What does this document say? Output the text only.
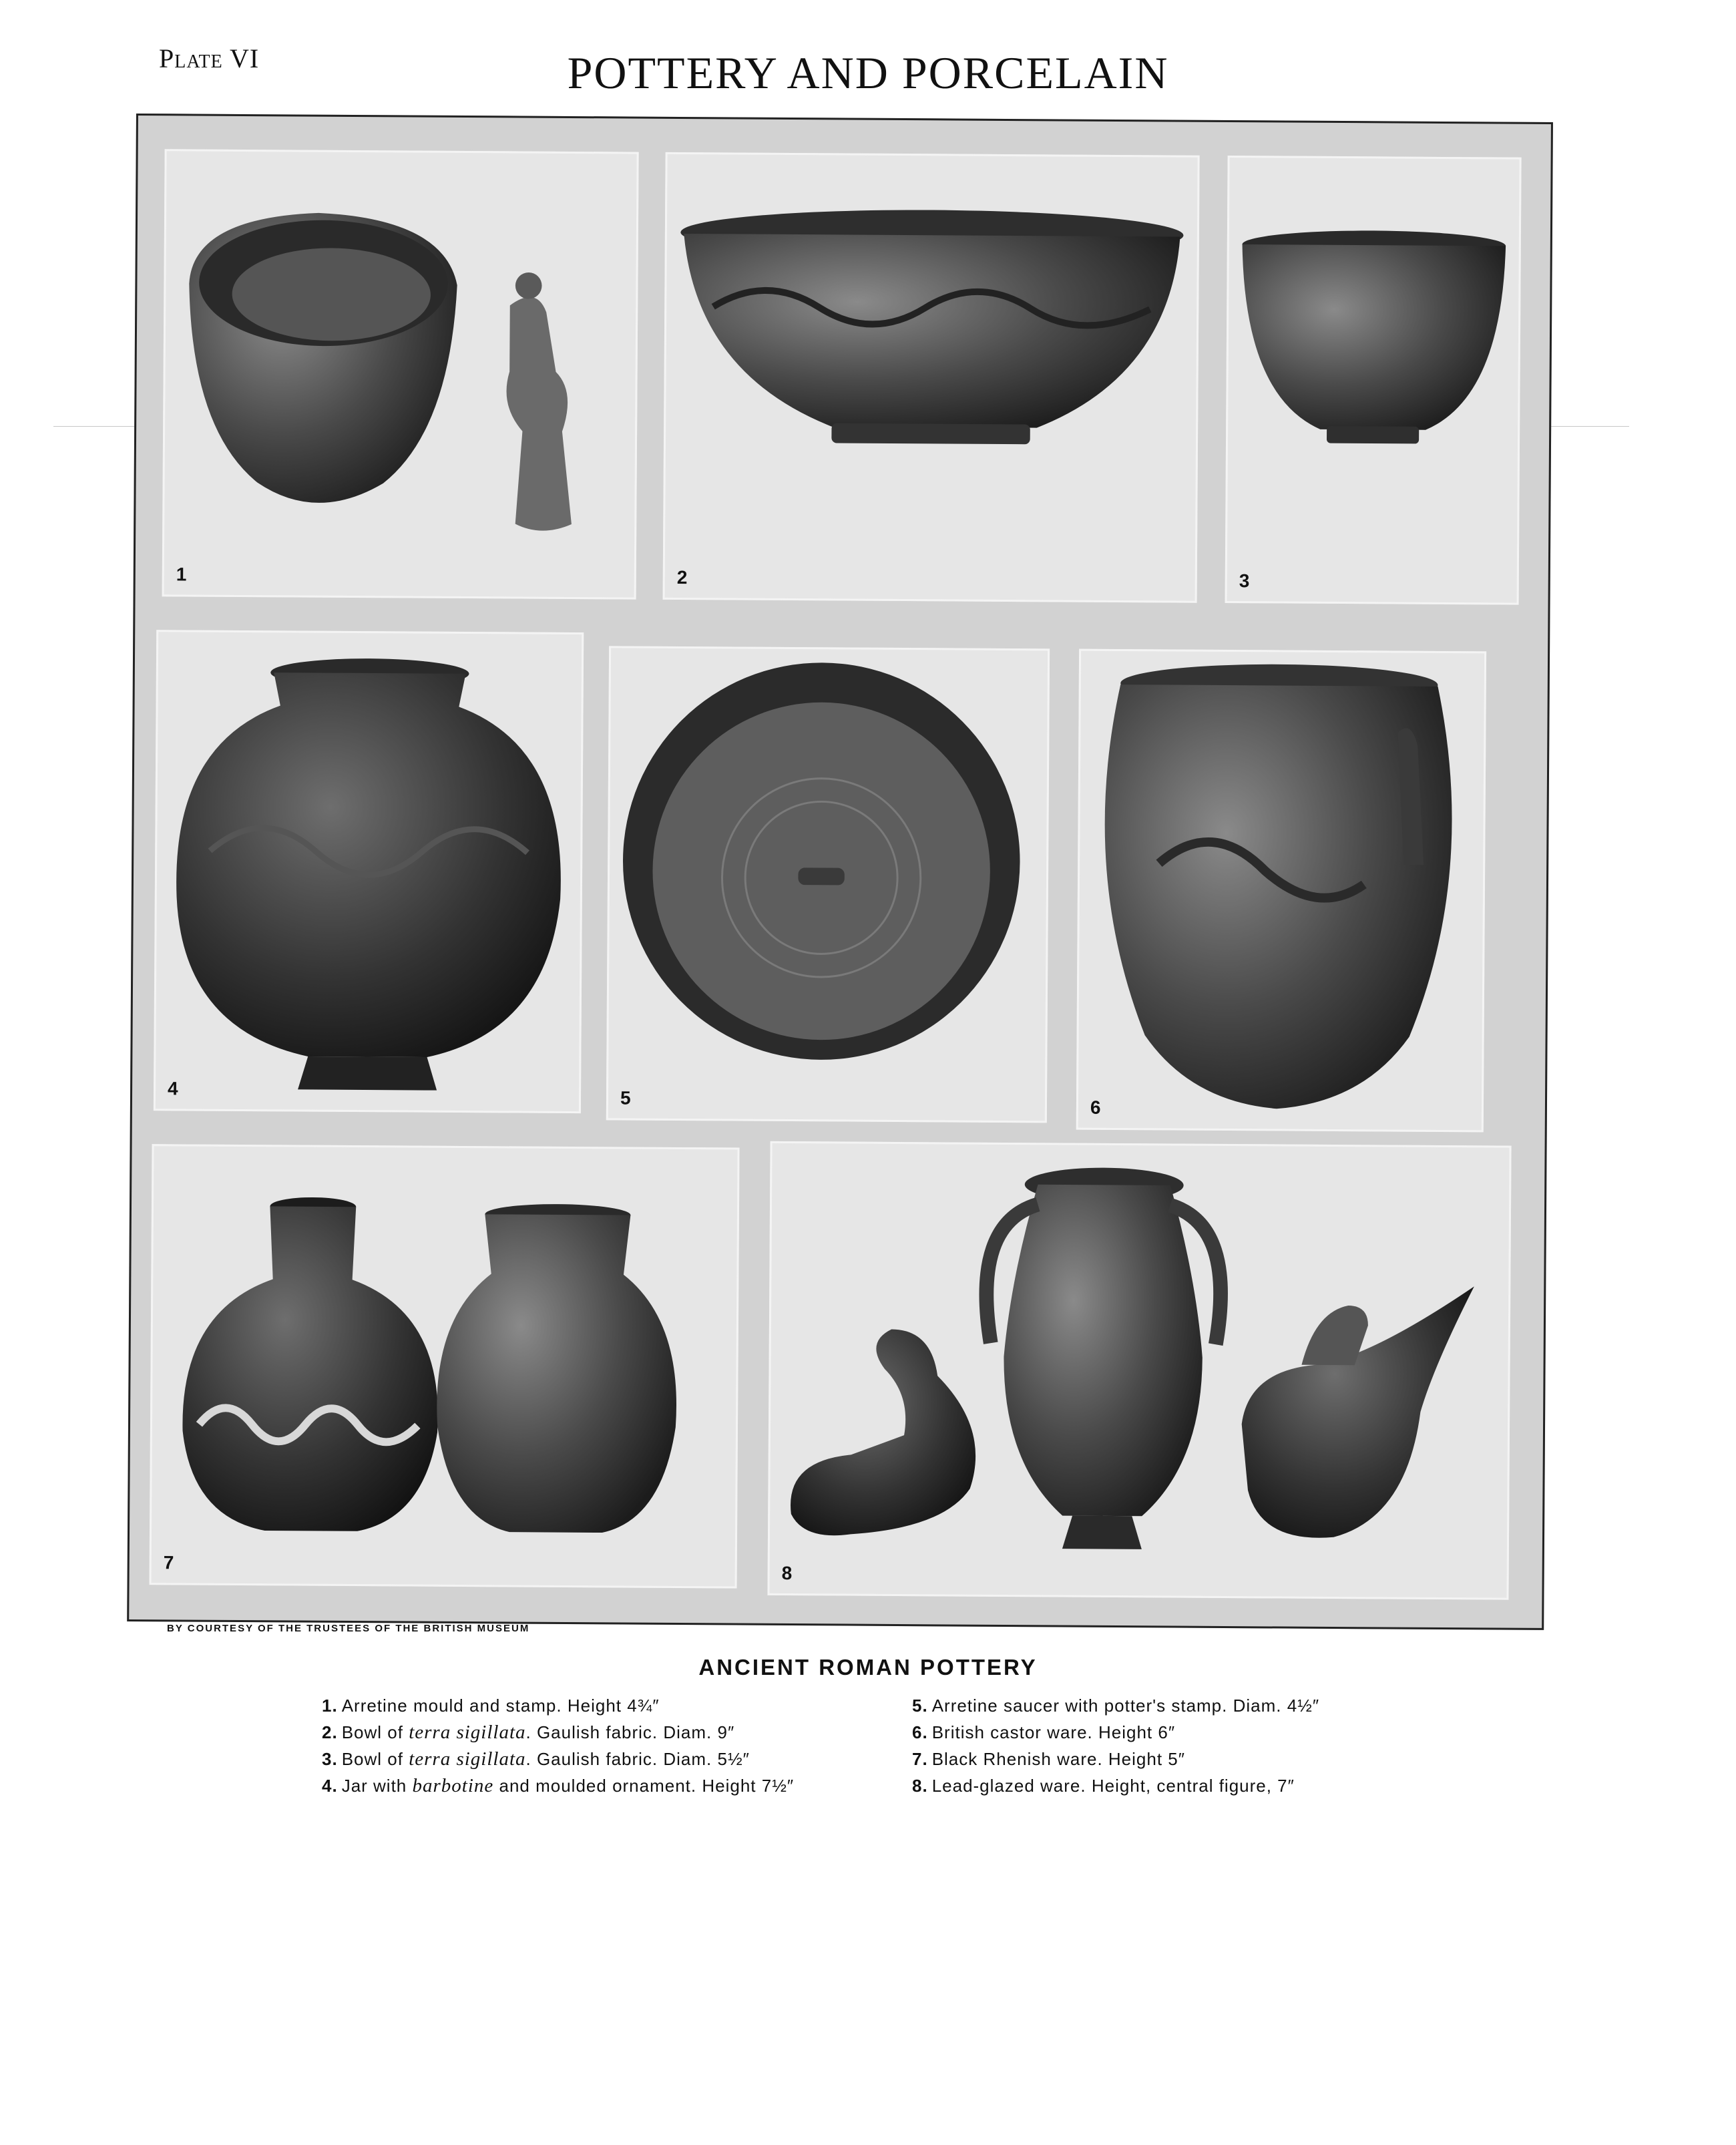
Plate VI	POTTERY AND PORCELAIN
1	2	3
4	5	6
7
8
BY COURTESY OF THE TRUSTEES OF THE BRITISH MUSEUM
ANCIENT ROMAN POTTERY
1. Arretine mould and stamp. Height 4¾″
2. Bowl of terra sigillata. Gaulish fabric. Diam. 9″
3. Bowl of terra sigillata. Gaulish fabric. Diam. 5½″
4. Jar with barbotine and moulded ornament. Height 7½″
5. Arretine saucer with potter's stamp. Diam. 4½″
6. British castor ware. Height 6″
7. Black Rhenish ware. Height 5″
8. Lead-glazed ware. Height, central figure, 7″
